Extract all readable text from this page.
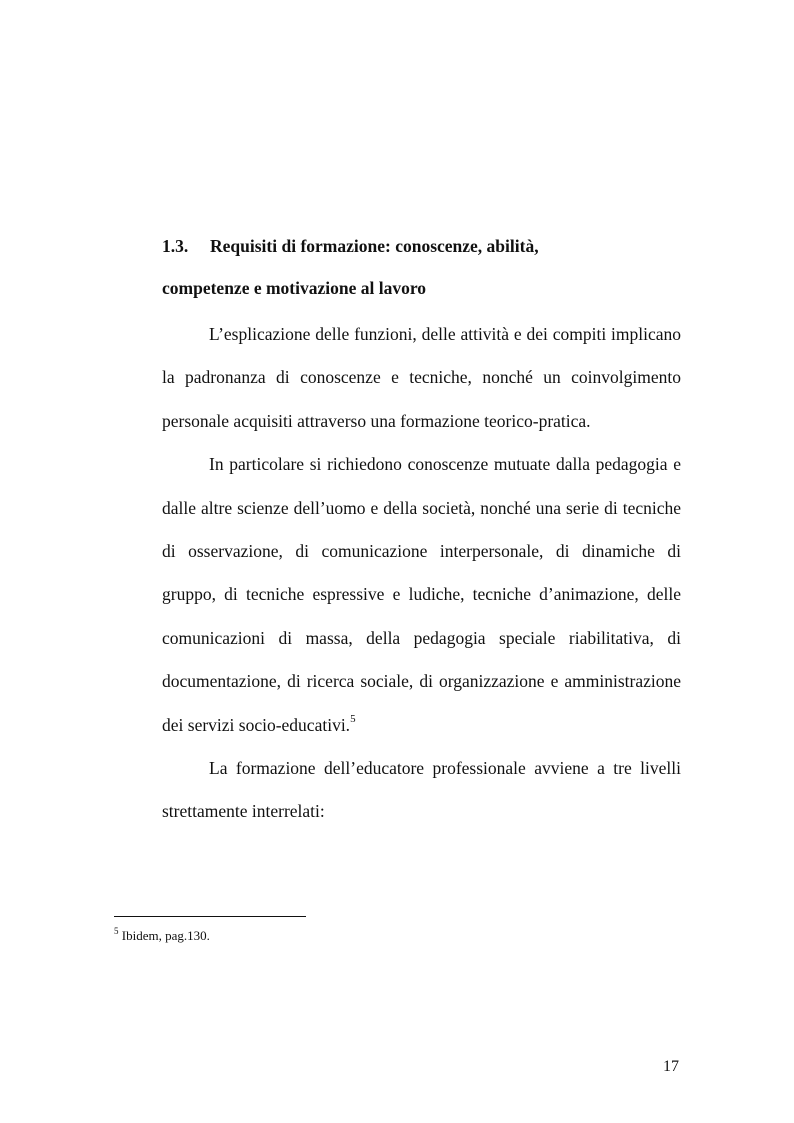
1.3. Requisiti di formazione: conoscenze, abilità,
competenze e motivazione al lavoro

L’esplicazione delle funzioni, delle attività e dei compiti implicano la padronanza di conoscenze e tecniche, nonché un coinvolgimento personale acquisiti attraverso una formazione teorico-pratica.

In particolare si richiedono conoscenze mutuate dalla pedagogia e dalle altre scienze dell’uomo e della società, nonché una serie di tecniche di osservazione, di comunicazione interpersonale, di dinamiche di gruppo, di tecniche espressive e ludiche, tecniche d’animazione, delle comunicazioni di massa, della pedagogia speciale riabilitativa, di documentazione, di ricerca sociale, di organizzazione e amministrazione dei servizi socio-educativi.$^5$

La formazione dell’educatore professionale avviene a tre livelli strettamente interrelati:

$^5$ Ibidem, pag.130.
17
